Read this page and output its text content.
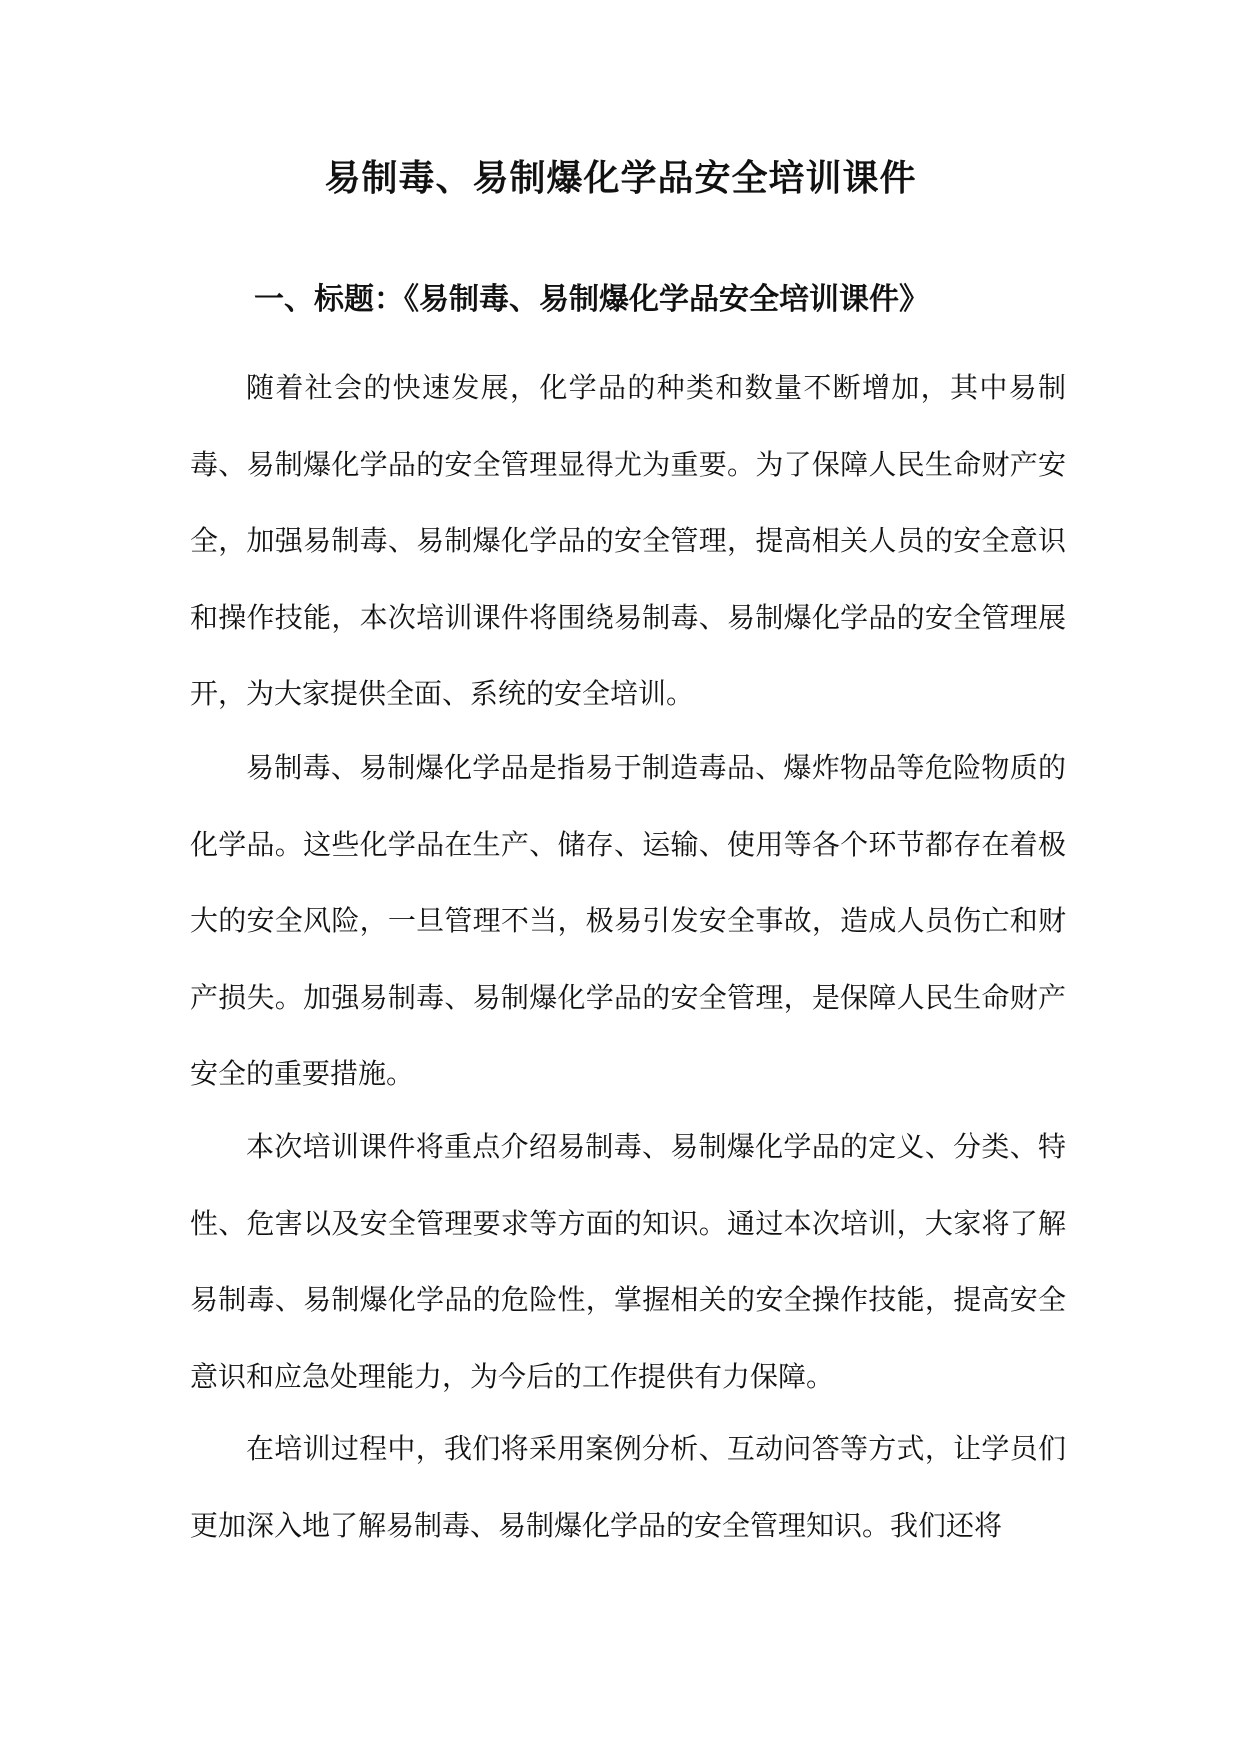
易制毒、易制爆化学品安全培训课件
一、标题：《易制毒、易制爆化学品安全培训课件》

随着社会的快速发展，化学品的种类和数量不断增加，其中易制毒、易制爆化学品的安全管理显得尤为重要。为了保障人民生命财产安全，加强易制毒、易制爆化学品的安全管理，提高相关人员的安全意识和操作技能，本次培训课件将围绕易制毒、易制爆化学品的安全管理展开，为大家提供全面、系统的安全培训。

易制毒、易制爆化学品是指易于制造毒品、爆炸物品等危险物质的化学品。这些化学品在生产、储存、运输、使用等各个环节都存在着极大的安全风险，一旦管理不当，极易引发安全事故，造成人员伤亡和财产损失。加强易制毒、易制爆化学品的安全管理，是保障人民生命财产安全的重要措施。

本次培训课件将重点介绍易制毒、易制爆化学品的定义、分类、特性、危害以及安全管理要求等方面的知识。通过本次培训，大家将了解易制毒、易制爆化学品的危险性，掌握相关的安全操作技能，提高安全意识和应急处理能力，为今后的工作提供有力保障。

在培训过程中，我们将采用案例分析、互动问答等方式，让学员们更加深入地了解易制毒、易制爆化学品的安全管理知识。我们还将
